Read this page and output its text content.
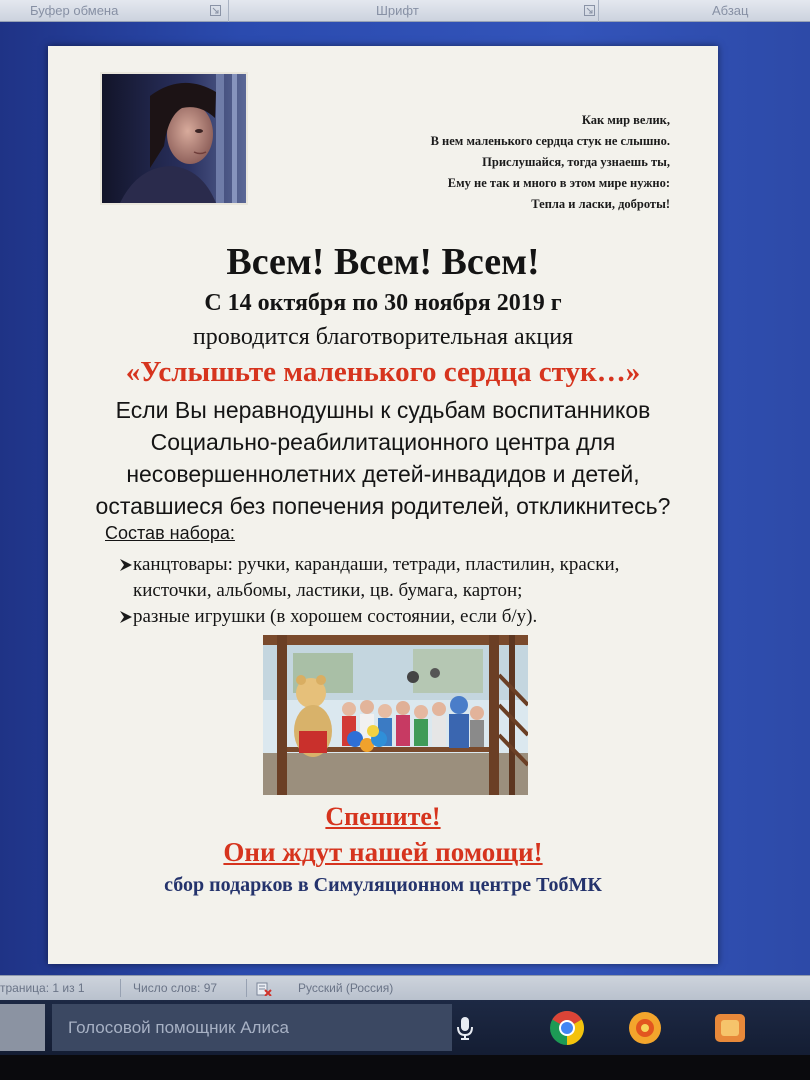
Буфер обмена	Шрифт	Абзац
Как мир велик,
В нем маленького сердца стук не слышно.
Прислушайся, тогда узнаешь ты,
Ему не так и много в этом мире нужно:
Тепла и ласки, доброты!
Всем! Всем! Всем!
С 14 октября по 30 ноября 2019 г
проводится благотворительная акция
«Услышьте маленького сердца стук…»
Если Вы неравнодушны к судьбам воспитанников
Социально-реабилитационного центра для
несовершеннолетних детей-инвадидов и детей,
оставшиеся без попечения родителей, откликнитесь?
Состав набора:
канцтовары: ручки, карандаши, тетради, пластилин, краски,
кисточки, альбомы, ластики, цв. бумага, картон;
разные игрушки (в хорошем состоянии, если б/у).
Спешите!
Они ждут нашей помощи!
сбор подарков в Симуляционном центре ТобМК
траница: 1 из 1	Число слов: 97	Русский (Россия)
Голосовой помощник Алиса
